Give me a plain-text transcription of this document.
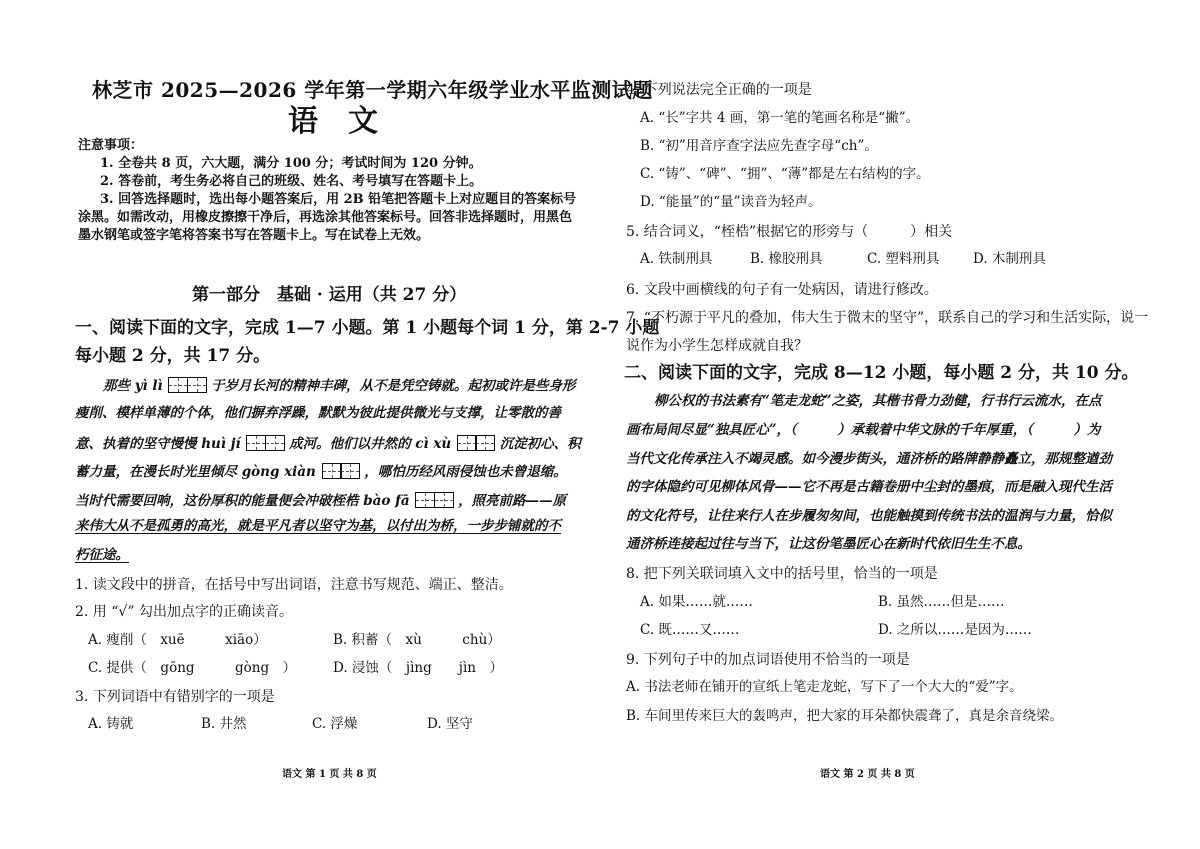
林芝市 2025—2026 学年第一学期六年级学业水平监测试题
语文
注意事项：
1. 全卷共 8 页，六大题，满分 100 分；考试时间为 120 分钟。
2. 答卷前，考生务必将自己的班级、姓名、考号填写在答题卡上。
3. 回答选择题时，选出每小题答案后，用 2B 铅笔把答题卡上对应题目的答案标号
涂黑。如需改动，用橡皮擦擦干净后，再选涂其他答案标号。回答非选择题时，用黑色
墨水钢笔或签字笔将答案书写在答题卡上。写在试卷上无效。
第一部分　基础 · 运用（共 27 分）
一、阅读下面的文字，完成 1—7 小题。第 1 小题每个词 1 分，第 2-7 小题
每小题 2 分，共 17 分。
那些 yì lì	于岁月长河的精神丰碑，从不是凭空铸就。起初或许是些身形
瘦削、模样单薄的个体，他们摒弃浮躁，默默为彼此提供微光与支撑，让零散的善
意、执着的坚守慢慢 huì jí	成河。他们以井然的 cì xù	沉淀初心、积
蓄力量，在漫长时光里倾尽 gòng xiàn	，哪怕历经风雨侵蚀也未曾退缩。
当时代需要回响，这份厚积的能量便会冲破桎梏 bào fā	，照亮前路——原
来伟大从不是孤勇的高光，就是平凡者以坚守为基，以付出为桥，一步步铺就的不
朽征途。
1. 读文段中的拼音，在括号中写出词语，注意书写规范、端正、整洁。
2. 用 “√” 勾出加点字的正确读音。
A. 瘦削（　xuē　　　xiāo）	B. 积蓄（　xù　　　chù）
C. 提供（　gōng　　　gòng　）	D. 浸蚀（　jìng　　jìn　）
3. 下列词语中有错别字的一项是
A. 铸就	B. 井然	C. 浮燥	D. 坚守
语文 第 1 页 共 8 页
4. 下列说法完全正确的一项是
A. “长”字共 4 画，第一笔的笔画名称是“撇”。
B. “初”用音序查字法应先查字母“ch”。
C. “铸”、“碑”、“拥”、“薄”都是左右结构的字。
D. “能量”的“量”读音为轻声。
5. 结合词义，“桎梏”根据它的形旁与（　　　）相关
A. 铁制刑具	B. 橡胶刑具	C. 塑料刑具 D. 木制刑具
6. 文段中画横线的句子有一处病因，请进行修改。
7. “不朽源于平凡的叠加，伟大生于微末的坚守”，联系自己的学习和生活实际，说一
说作为小学生怎样成就自我？
二、阅读下面的文字，完成 8—12 小题，每小题 2 分，共 10 分。
柳公权的书法素有“笔走龙蛇”之姿，其楷书骨力劲健，行书行云流水，在点
画布局间尽显“独具匠心”，（　　　）承载着中华文脉的千年厚重，（　　　）为
当代文化传承注入不竭灵感。如今漫步街头，通济桥的路牌静静矗立，那规整遒劲
的字体隐约可见柳体风骨——它不再是古籍卷册中尘封的墨痕，而是融入现代生活
的文化符号，让往来行人在步履匆匆间，也能触摸到传统书法的温润与力量，恰似
通济桥连接起过往与当下，让这份笔墨匠心在新时代依旧生生不息。
8. 把下列关联词填入文中的括号里，恰当的一项是
A. 如果……就……	B. 虽然……但是……
C. 既……又……	D. 之所以……是因为……
9. 下列句子中的加点词语使用不恰当的一项是
A. 书法老师在铺开的宣纸上笔走龙蛇，写下了一个大大的“爱”字。
B. 车间里传来巨大的轰鸣声，把大家的耳朵都快震聋了，真是余音绕梁。
语文 第 2 页 共 8 页
